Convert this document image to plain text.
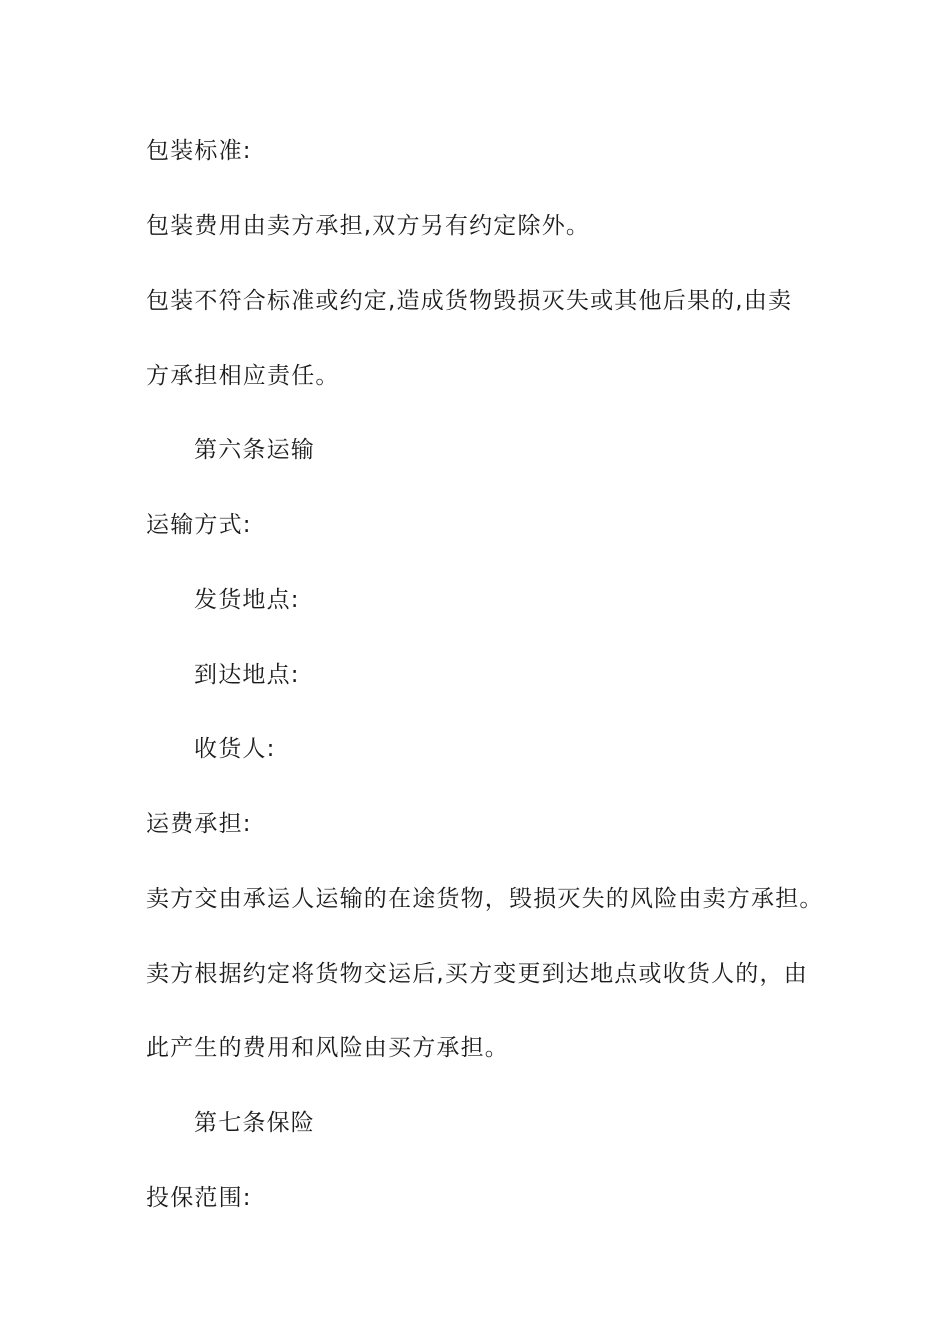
包装标准:

包装费用由卖方承担,双方另有约定除外。

包装不符合标准或约定,造成货物毁损灭失或其他后果的,由卖

方承担相应责任。

第六条运输

运输方式:

发货地点:

到达地点:

收货人:

运费承担:

卖方交由承运人运输的在途货物，毁损灭失的风险由卖方承担。

卖方根据约定将货物交运后,买方变更到达地点或收货人的，由

此产生的费用和风险由买方承担。

第七条保险

投保范围:
